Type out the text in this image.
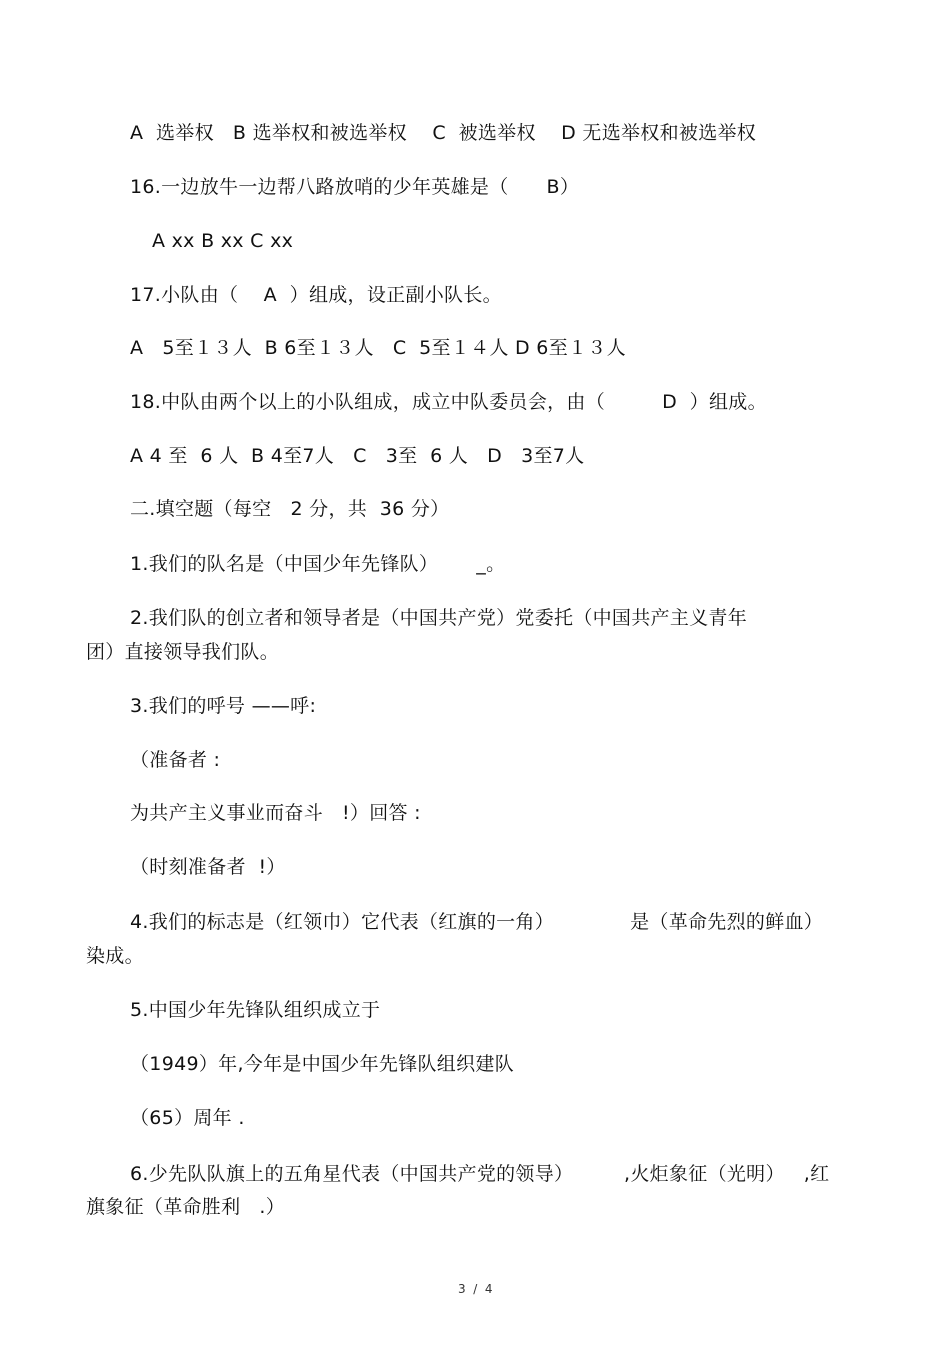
A  选举权   B 选举权和被选举权    C  被选举权    D 无选举权和被选举权
16.一边放牛一边帮八路放哨的少年英雄是（      B）
A xx B xx C xx
17.小队由（    A  ）组成，设正副小队长。
A   5至１３人  B 6至１３人   C  5至１４人 D 6至１３人
18.中队由两个以上的小队组成，成立中队委员会，由（         D  ）组成。
A 4 至  6 人  B 4至7人   C   3至  6 人   D   3至7人
二.填空题（每空   2 分，共  36 分）
1.我们的队名是（中国少年先锋队）      _。
2.我们队的创立者和领导者是（中国共产党）党委托（中国共产主义青年
团）直接领导我们队。
3.我们的呼号 ——呼:
（准备者 :
为共产主义事业而奋斗   !）回答 :
（时刻准备者  !）
4.我们的标志是（红领巾）它代表（红旗的一角）            是（革命先烈的鲜血）
染成。
5.中国少年先锋队组织成立于
（1949）年,今年是中国少年先锋队组织建队
（65）周年 .
6.少先队队旗上的五角星代表（中国共产党的领导）        ,火炬象征（光明）   ,红
旗象征（革命胜利   .）
3  /  4
